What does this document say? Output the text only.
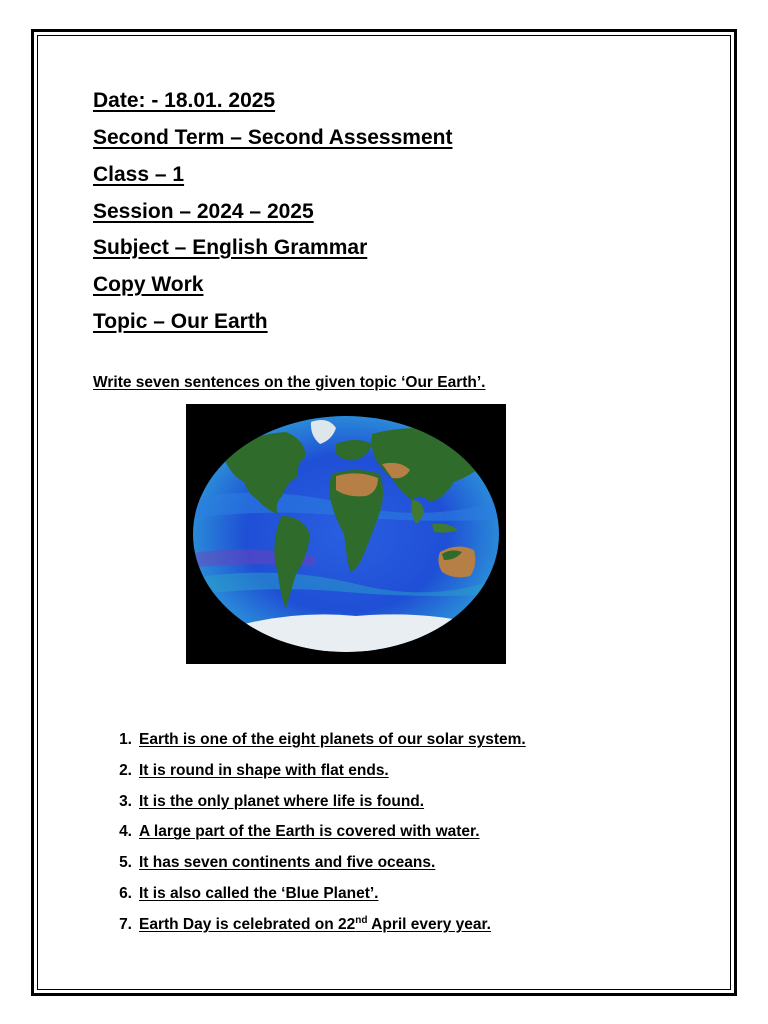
Date: - 18.01. 2025
Second Term – Second Assessment
Class – 1
Session – 2024 – 2025
Subject – English Grammar
Copy Work
Topic – Our Earth
Write seven sentences on the given topic ‘Our Earth’.
1. Earth is one of the eight planets of our solar system.
2. It is round in shape with flat ends.
3. It is the only planet where life is found.
4. A large part of the Earth is covered with water.
5. It has seven continents and five oceans.
6. It is also called the ‘Blue Planet’.
7. Earth Day is celebrated on 22nd April every year.
